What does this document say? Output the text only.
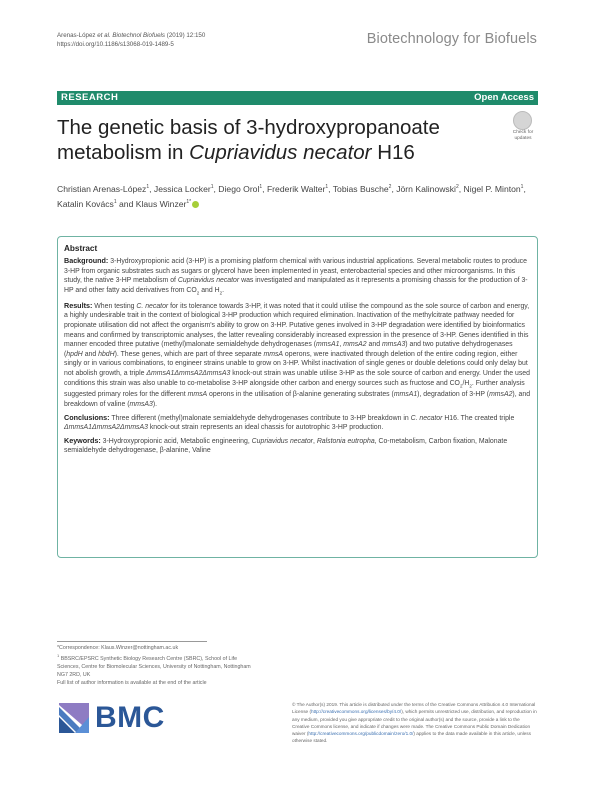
Arenas-López et al. Biotechnol Biofuels (2019) 12:150
https://doi.org/10.1186/s13068-019-1489-5	Biotechnology for Biofuels
RESEARCH	Open Access
The genetic basis of 3-hydroxypropanoate metabolism in Cupriavidus necator H16
Check for
updates
Christian Arenas-López$^1$, Jessica Locker$^1$, Diego Orol$^1$, Frederik Walter$^1$, Tobias Busche$^2$, Jörn Kalinowski$^2$, Nigel P. Minton$^1$, Katalin Kovács$^1$ and Klaus Winzer$^{1*}$
Abstract

Background: 3-Hydroxypropionic acid (3-HP) is a promising platform chemical with various industrial applications. Several metabolic routes to produce 3-HP from organic substrates such as sugars or glycerol have been implemented in yeast, enterobacterial species and other microorganisms. In this study, the native 3-HP metabolism of Cupriavidus necator was investigated and manipulated as it represents a promising chassis for the production of 3-HP and other fatty acid derivatives from $CO_2$ and $H_2$.

Results: When testing C. necator for its tolerance towards 3-HP, it was noted that it could utilise the compound as the sole source of carbon and energy, a highly undesirable trait in the context of biological 3-HP production which required elimination. Inactivation of the methylcitrate pathway needed for propionate utilisation did not affect the organism's ability to grow on 3-HP. Putative genes involved in 3-HP degradation were identified by bioinformatics means and confirmed by transcriptomic analyses, the latter revealing considerably increased expression in the presence of 3-HP. Genes identified in this manner encoded three putative (methyl)malonate semialdehyde dehydrogenases (mmsA1, mmsA2 and mmsA3) and two putative dehydrogenases (hpdH and hbdH). These genes, which are part of three separate mmsA operons, were inactivated through deletion of the entire coding region, either singly or in various combinations, to engineer strains unable to grow on 3-HP. Whilst inactivation of single genes or double deletions could only delay but not abolish growth, a triple ΔmmsA1ΔmmsA2ΔmmsA3 knock-out strain was unable utilise 3-HP as the sole source of carbon and energy. Under the used conditions this strain was also unable to co-metabolise 3-HP alongside other carbon and energy sources such as fructose and $CO_2/H_2$. Further analysis suggested primary roles for the different mmsA operons in the utilisation of β-alanine generating substrates (mmsA1), degradation of 3-HP (mmsA2), and breakdown of valine (mmsA3).

Conclusions: Three different (methyl)malonate semialdehyde dehydrogenases contribute to 3-HP breakdown in C. necator H16. The created triple ΔmmsA1ΔmmsA2ΔmmsA3 knock-out strain represents an ideal chassis for autotrophic 3-HP production.

Keywords: 3-Hydroxypropionic acid, Metabolic engineering, Cupriavidus necator, Ralstonia eutropha, Co-metabolism, Carbon fixation, Malonate semialdehyde dehydrogenase, β-alanine, Valine

*Correspondence: Klaus.Winzer@nottingham.ac.uk
$^1$ BBSRC/EPSRC Synthetic Biology Research Centre (SBRC), School of Life Sciences, Centre for Biomolecular Sciences, University of Nottingham, Nottingham NG7 2RD, UK
Full list of author information is available at the end of the article
BMC	© The Author(s) 2019. This article is distributed under the terms of the Creative Commons Attribution 4.0 International License (http://creativecommons.org/licenses/by/4.0/), which permits unrestricted use, distribution, and reproduction in any medium, provided you give appropriate credit to the original author(s) and the source, provide a link to the Creative Commons license, and indicate if changes were made. The Creative Commons Public Domain Dedication waiver (http://creativecommons.org/publicdomain/zero/1.0/) applies to the data made available in this article, unless otherwise stated.
